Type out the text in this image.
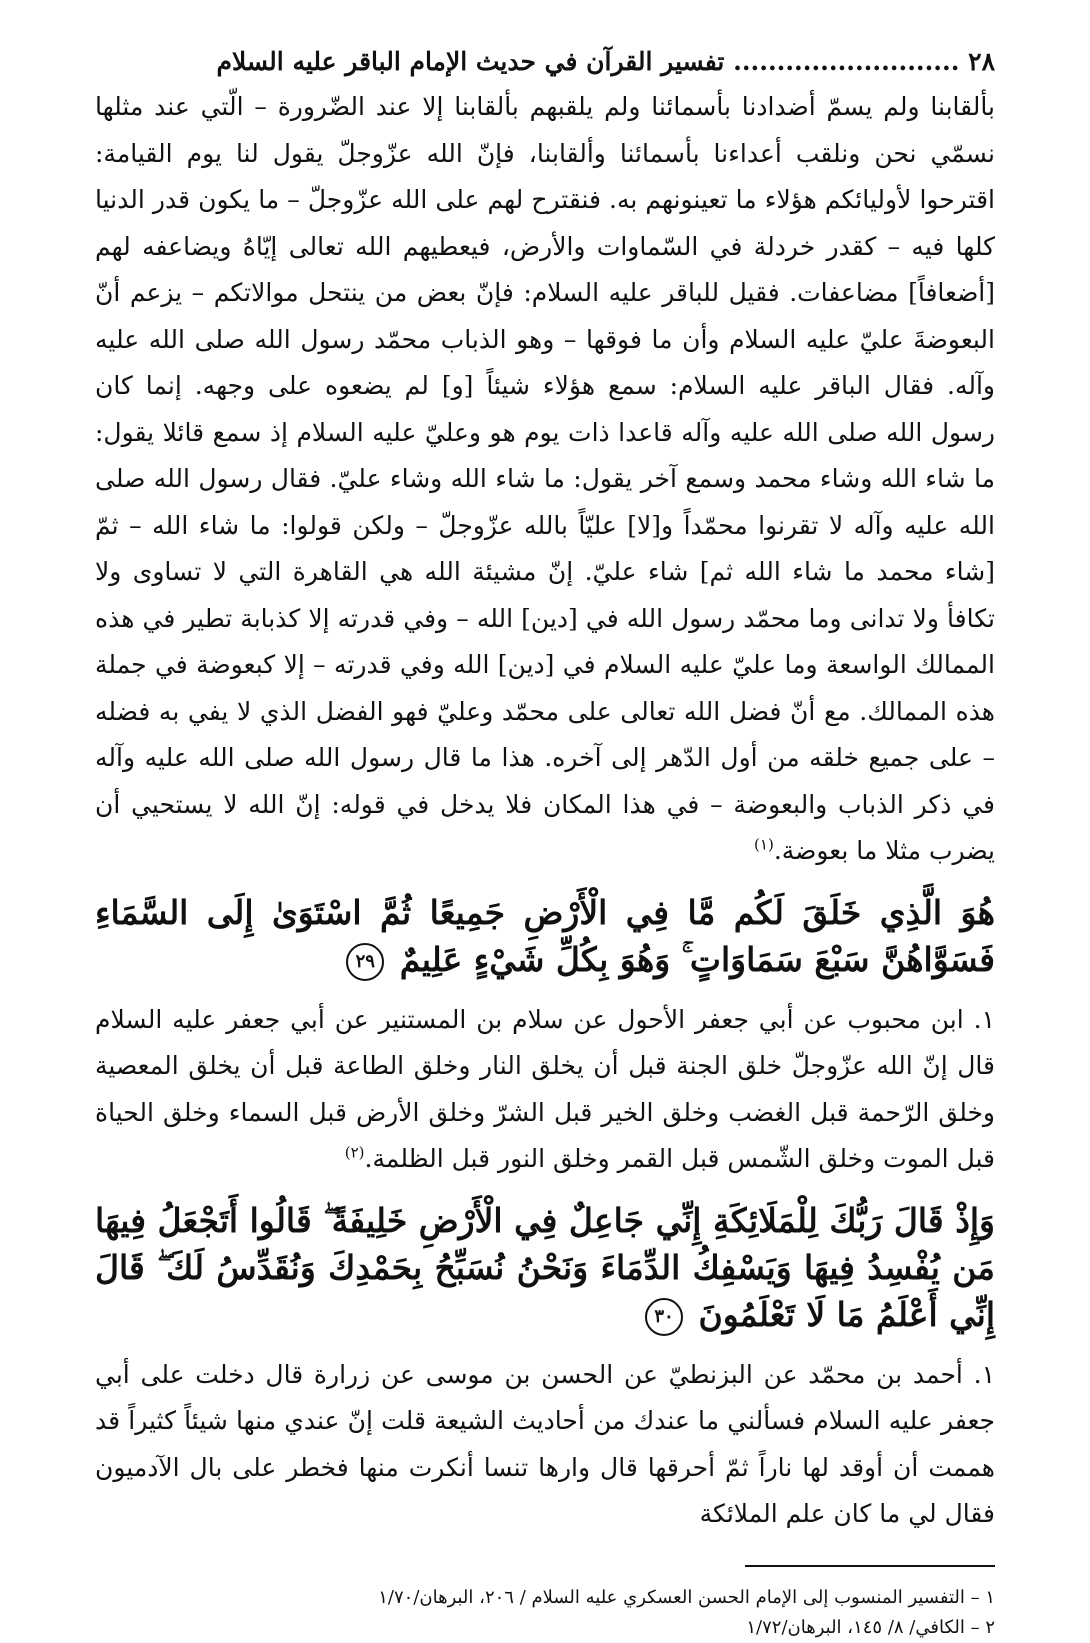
٢٨ .......................... تفسير القرآن في حديث الإمام الباقر عليه السلام

بألقابنا ولم يسمّ أضدادنا بأسمائنا ولم يلقبهم بألقابنا إلا عند الضّرورة – الّتي عند مثلها نسمّي نحن ونلقب أعداءنا بأسمائنا وألقابنا، فإنّ الله عزّوجلّ يقول لنا يوم القيامة: اقترحوا لأوليائكم هؤلاء ما تعينونهم به. فنقترح لهم على الله عزّوجلّ – ما يكون قدر الدنيا كلها فيه – كقدر خردلة في السّماوات والأرض، فيعطيهم الله تعالى إيّاهُ ويضاعفه لهم [أضعافاً] مضاعفات. فقيل للباقر عليه السلام: فإنّ بعض من ينتحل موالاتكم – يزعم أنّ البعوضةَ عليّ عليه السلام وأن ما فوقها – وهو الذباب محمّد رسول الله صلى الله عليه وآله. فقال الباقر عليه السلام: سمع هؤلاء شيئاً [و] لم يضعوه على وجهه. إنما كان رسول الله صلى الله عليه وآله قاعدا ذات يوم هو وعليّ عليه السلام إذ سمع قائلا يقول: ما شاء الله وشاء محمد وسمع آخر يقول: ما شاء الله وشاء عليّ. فقال رسول الله صلى الله عليه وآله لا تقرنوا محمّداً و[لا] عليّاً بالله عزّوجلّ – ولكن قولوا: ما شاء الله – ثمّ [شاء محمد ما شاء الله ثم] شاء عليّ. إنّ مشيئة الله هي القاهرة التي لا تساوى ولا تكافأ ولا تدانى وما محمّد رسول الله في [دين] الله – وفي قدرته إلا كذبابة تطير في هذه الممالك الواسعة وما عليّ عليه السلام في [دين] الله وفي قدرته – إلا كبعوضة في جملة هذه الممالك. مع أنّ فضل الله تعالى على محمّد وعليّ فهو الفضل الذي لا يفي به فضله – على جميع خلقه من أول الدّهر إلى آخره. هذا ما قال رسول الله صلى الله عليه وآله في ذكر الذباب والبعوضة – في هذا المكان فلا يدخل في قوله: إنّ الله لا يستحيي أن يضرب مثلا ما بعوضة.$^{(١)}$

هُوَ الَّذِي خَلَقَ لَكُم مَّا فِي الْأَرْضِ جَمِيعًا ثُمَّ اسْتَوَىٰ إِلَى السَّمَاءِ فَسَوَّاهُنَّ سَبْعَ سَمَاوَاتٍ ۚ وَهُوَ بِكُلِّ شَيْءٍ عَلِيمٌ ٢٩

١. ابن محبوب عن أبي جعفر الأحول عن سلام بن المستنير عن أبي جعفر عليه السلام قال إنّ الله عزّوجلّ خلق الجنة قبل أن يخلق النار وخلق الطاعة قبل أن يخلق المعصية وخلق الرّحمة قبل الغضب وخلق الخير قبل الشرّ وخلق الأرض قبل السماء وخلق الحياة قبل الموت وخلق الشّمس قبل القمر وخلق النور قبل الظلمة.$^{(٢)}$

وَإِذْ قَالَ رَبُّكَ لِلْمَلَائِكَةِ إِنِّي جَاعِلٌ فِي الْأَرْضِ خَلِيفَةً ۖ قَالُوا أَتَجْعَلُ فِيهَا مَن يُفْسِدُ فِيهَا وَيَسْفِكُ الدِّمَاءَ وَنَحْنُ نُسَبِّحُ بِحَمْدِكَ وَنُقَدِّسُ لَكَ ۖ قَالَ إِنِّي أَعْلَمُ مَا لَا تَعْلَمُونَ ٣٠

١. أحمد بن محمّد عن البزنطيّ عن الحسن بن موسى عن زرارة قال دخلت على أبي جعفر عليه السلام فسألني ما عندك من أحاديث الشيعة قلت إنّ عندي منها شيئاً كثيراً قد هممت أن أوقد لها ناراً ثمّ أحرقها قال وارها تنسا أنكرت منها فخطر على بال الآدميون فقال لي ما كان علم الملائكة

١ – التفسير المنسوب إلى الإمام الحسن العسكري عليه السلام / ٢٠٦، البرهان/١/٧٠

٢ – الكافي/ ٨/ ١٤٥، البرهان/١/٧٢
